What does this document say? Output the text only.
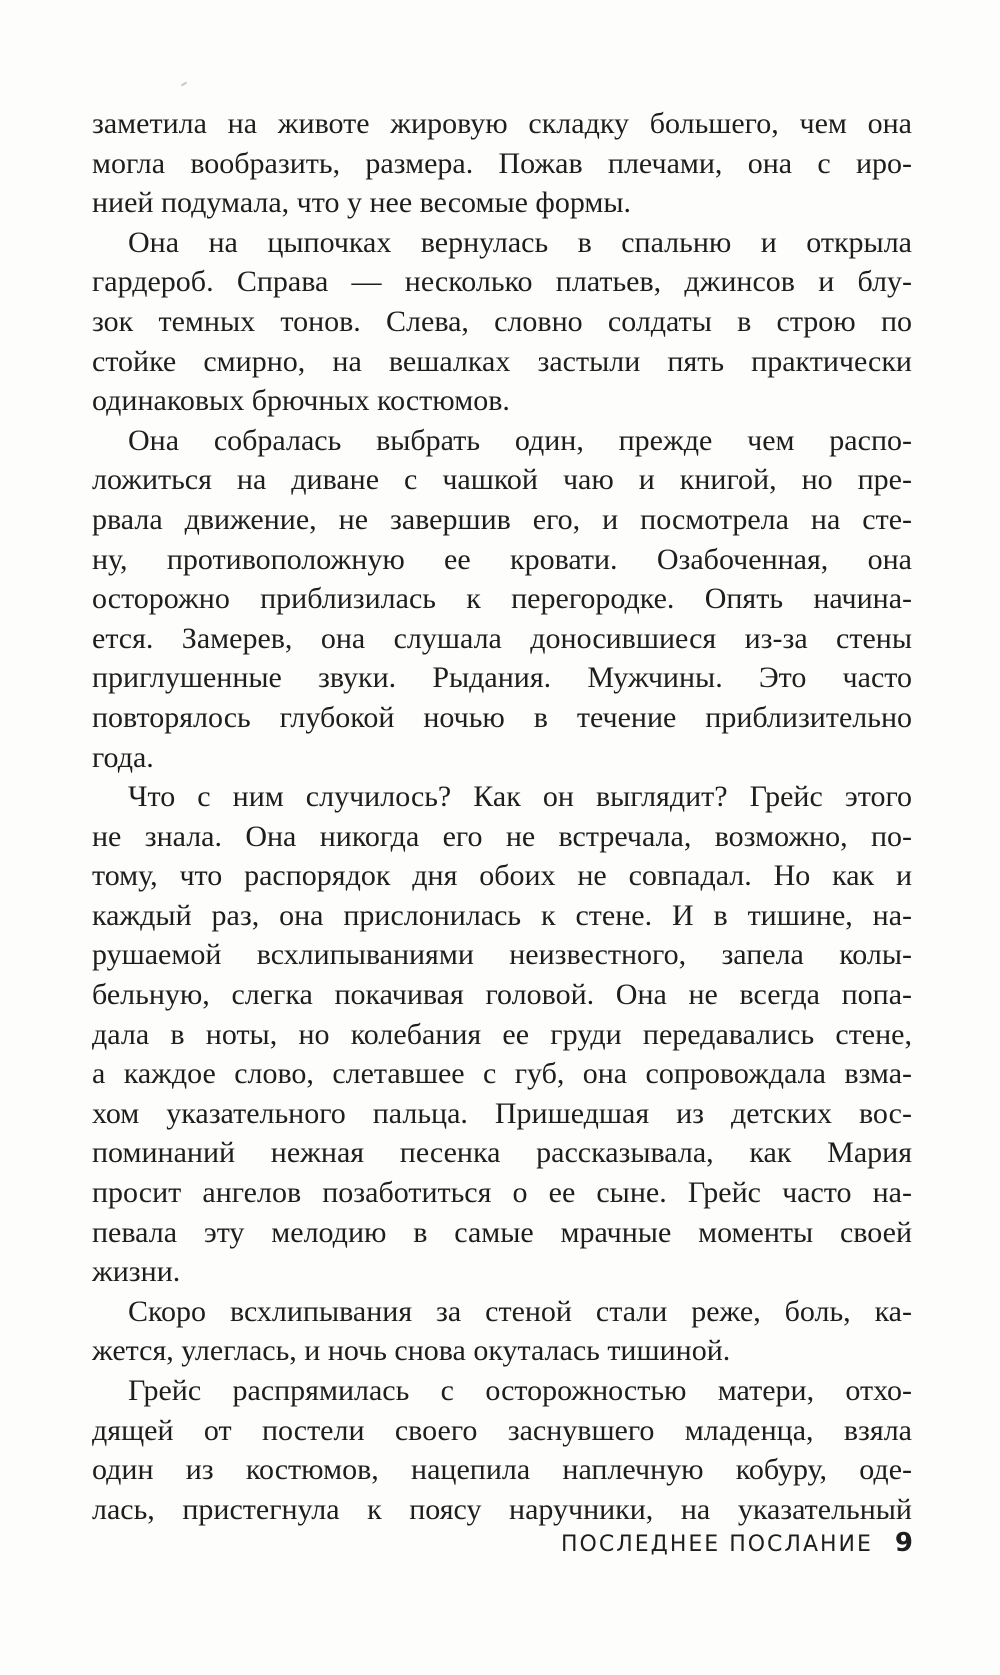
заметила на животе жировую складку большего, чем она
могла вообразить, размера. Пожав плечами, она с иро-
нией подумала, что у нее весомые формы.
Она на цыпочках вернулась в спальню и открыла
гардероб. Справа — несколько платьев, джинсов и блу-
зок темных тонов. Слева, словно солдаты в строю по
стойке смирно, на вешалках застыли пять практически
одинаковых брючных костюмов.
Она собралась выбрать один, прежде чем распо-
ложиться на диване с чашкой чаю и книгой, но пре-
рвала движение, не завершив его, и посмотрела на сте-
ну, противоположную ее кровати. Озабоченная, она
осторожно приблизилась к перегородке. Опять начина-
ется. Замерев, она слушала доносившиеся из-за стены
приглушенные звуки. Рыдания. Мужчины. Это часто
повторялось глубокой ночью в течение приблизительно
года.
Что с ним случилось? Как он выглядит? Грейс этого
не знала. Она никогда его не встречала, возможно, по-
тому, что распорядок дня обоих не совпадал. Но как и
каждый раз, она прислонилась к стене. И в тишине, на-
рушаемой всхлипываниями неизвестного, запела колы-
бельную, слегка покачивая головой. Она не всегда попа-
дала в ноты, но колебания ее груди передавались стене,
а каждое слово, слетавшее с губ, она сопровождала взма-
хом указательного пальца. Пришедшая из детских вос-
поминаний нежная песенка рассказывала, как Мария
просит ангелов позаботиться о ее сыне. Грейс часто на-
певала эту мелодию в самые мрачные моменты своей
жизни.
Скоро всхлипывания за стеной стали реже, боль, ка-
жется, улеглась, и ночь снова окуталась тишиной.
Грейс распрямилась с осторожностью матери, отхо-
дящей от постели своего заснувшего младенца, взяла
один из костюмов, нацепила наплечную кобуру, оде-
лась, пристегнула к поясу наручники, на указательный
ПОСЛЕДНЕЕ ПОСЛАНИЕ 9
